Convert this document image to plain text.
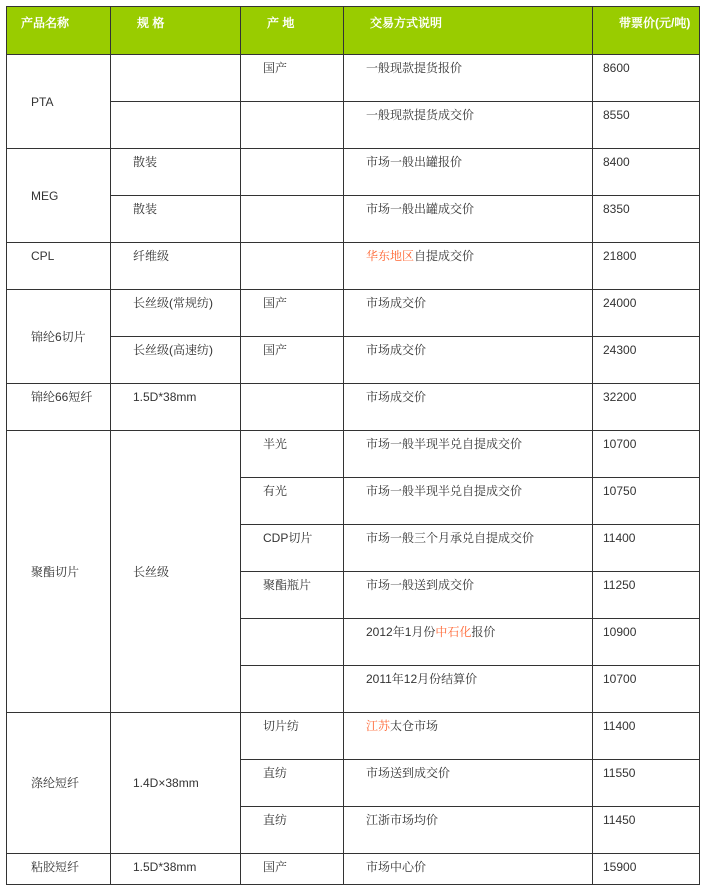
产品名称	规 格	产 地	交易方式说明	带票价(元/吨)
PTA		国产	一般现款提货报价	8600
			一般现款提货成交价	8550
MEG	散装		市场一般出罐报价	8400
	散装		市场一般出罐成交价	8350
CPL	纤维级		华东地区自提成交价	21800
锦纶6切片	长丝级(常规纺)	国产	市场成交价	24000
	长丝级(高速纺)	国产	市场成交价	24300
锦纶66短纤	1.5D*38mm		市场成交价	32200
聚酯切片	长丝级	半光	市场一般半现半兑自提成交价	10700
		有光	市场一般半现半兑自提成交价	10750
		CDP切片	市场一般三个月承兑自提成交价	11400
		聚酯瓶片	市场一般送到成交价	11250
			2012年1月份中石化报价	10900
			2011年12月份结算价	10700
涤纶短纤	1.4D×38mm	切片纺	江苏太仓市场	11400
		直纺	市场送到成交价	11550
		直纺	江浙市场均价	11450
粘胶短纤	1.5D*38mm	国产	市场中心价	15900
